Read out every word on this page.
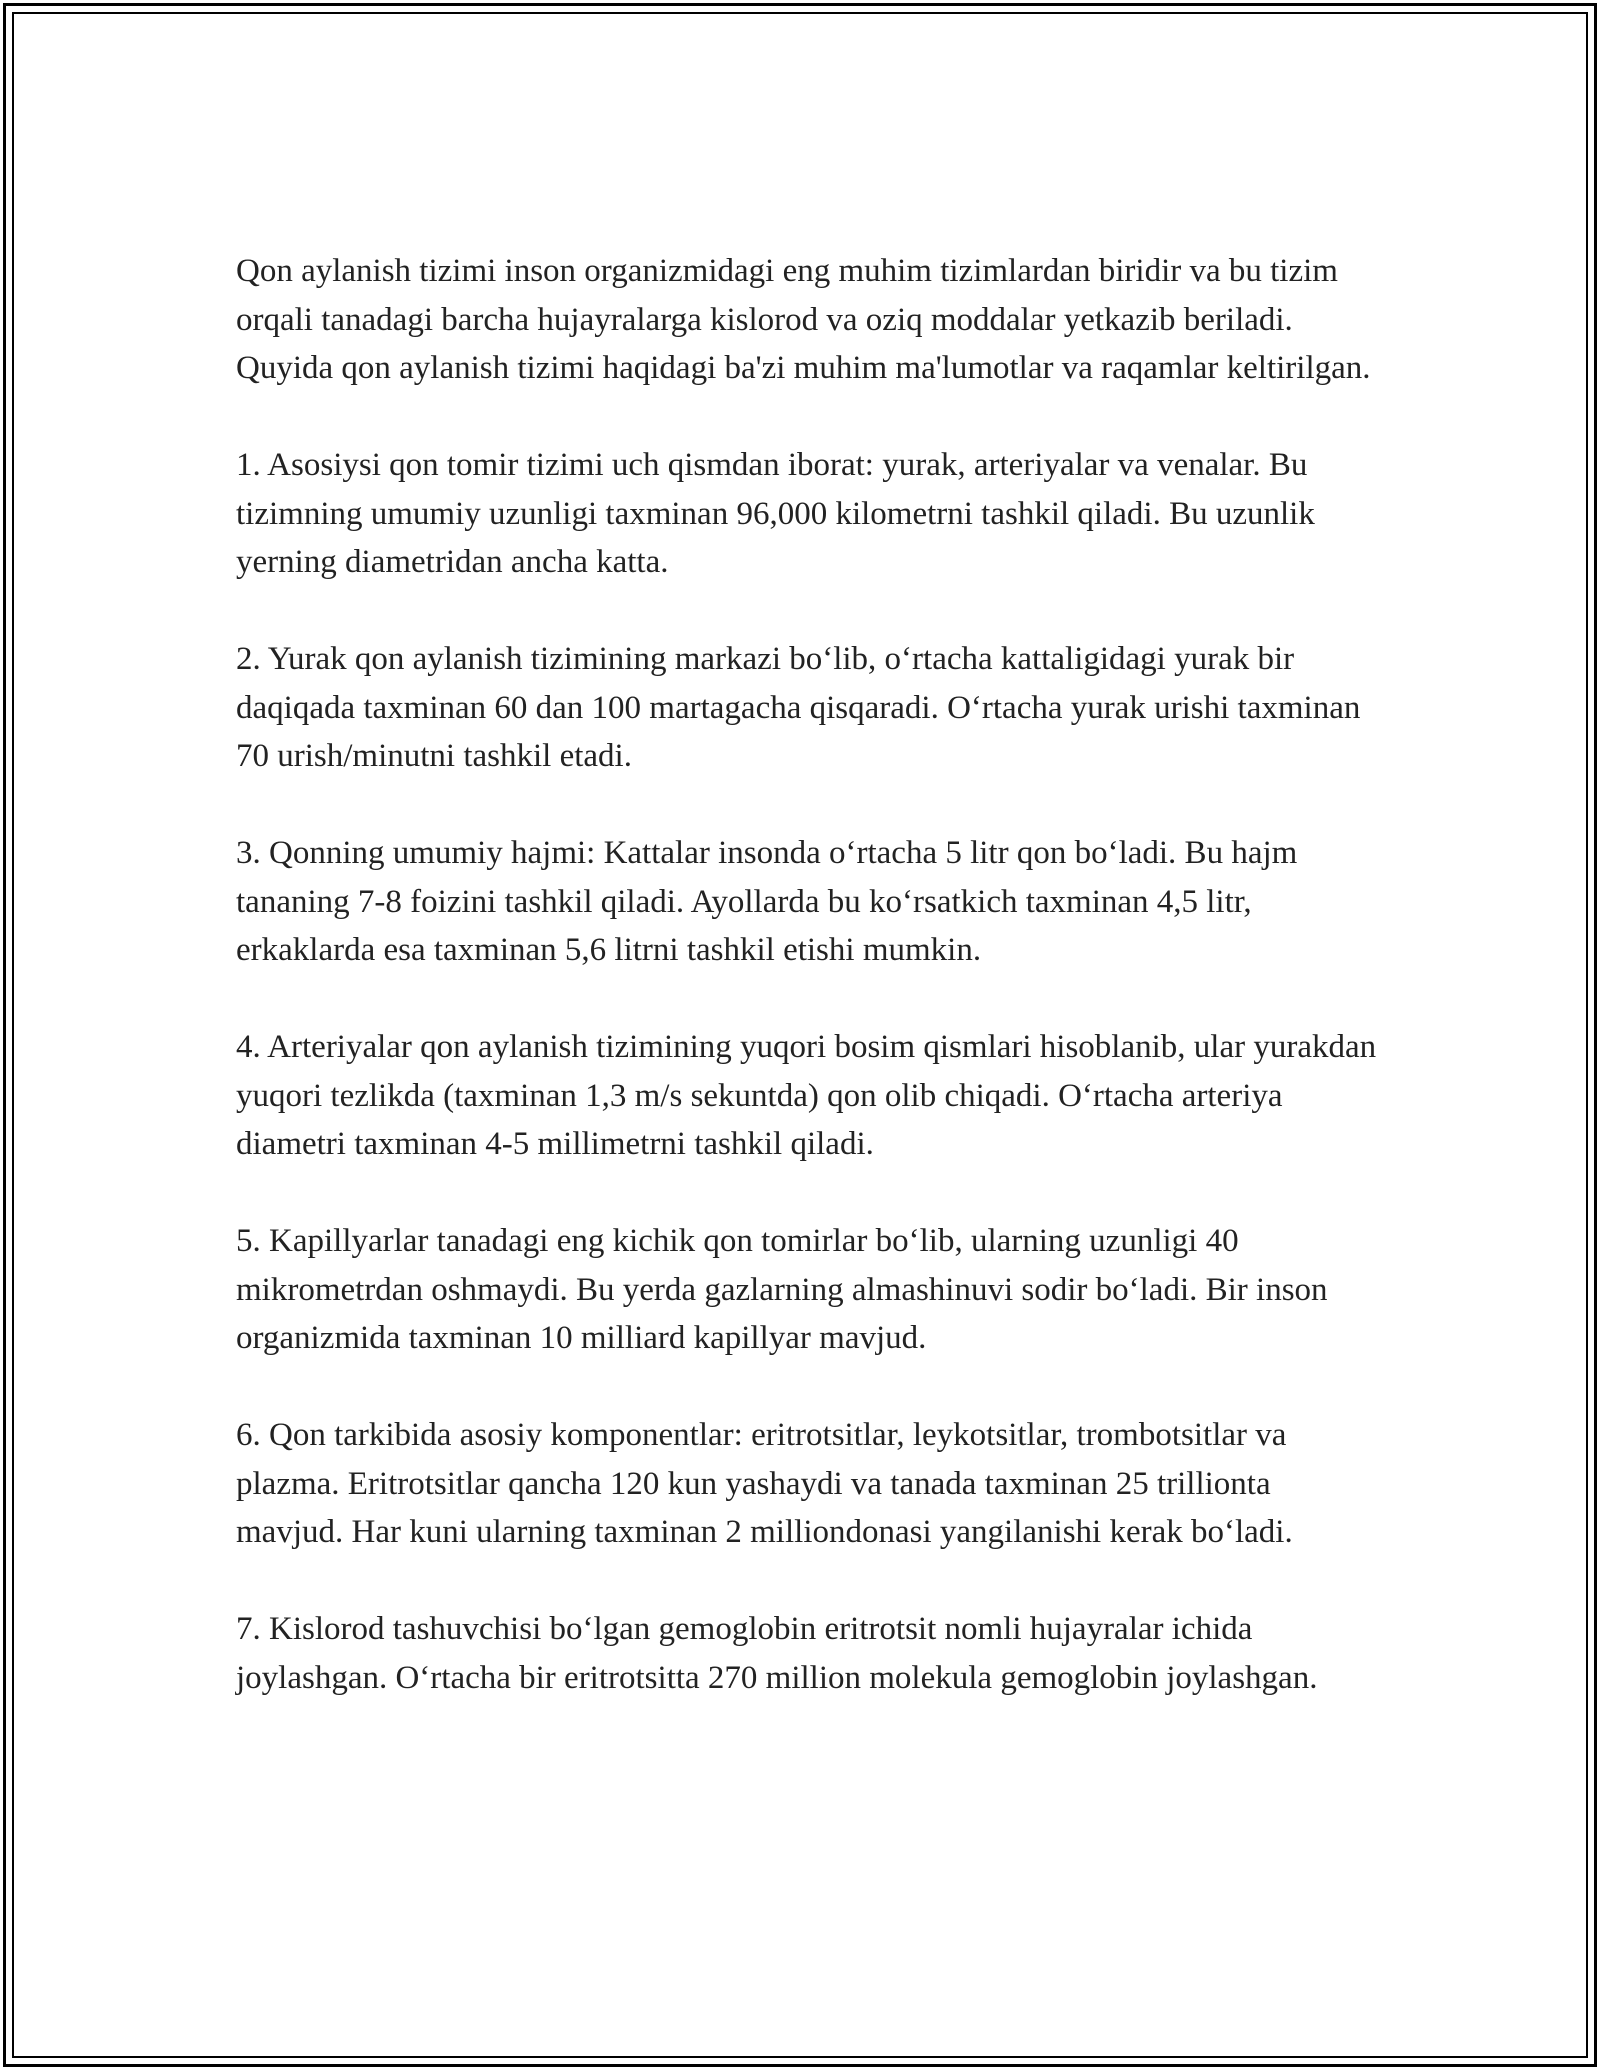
Qon aylanish tizimi inson organizmidagi eng muhim tizimlardan biridir va bu tizim orqali tanadagi barcha hujayralarga kislorod va oziq moddalar yetkazib beriladi. Quyida qon aylanish tizimi haqidagi ba'zi muhim ma'lumotlar va raqamlar keltirilgan.

1. Asosiysi qon tomir tizimi uch qismdan iborat: yurak, arteriyalar va venalar. Bu tizimning umumiy uzunligi taxminan 96,000 kilometrni tashkil qiladi. Bu uzunlik yerning diametridan ancha katta.

2. Yurak qon aylanish tizimining markazi bo‘lib, o‘rtacha kattaligidagi yurak bir daqiqada taxminan 60 dan 100 martagacha qisqaradi. O‘rtacha yurak urishi taxminan 70 urish/minutni tashkil etadi.

3. Qonning umumiy hajmi: Kattalar insonda o‘rtacha 5 litr qon bo‘ladi. Bu hajm tananing 7-8 foizini tashkil qiladi. Ayollarda bu ko‘rsatkich taxminan 4,5 litr, erkaklarda esa taxminan 5,6 litrni tashkil etishi mumkin.

4. Arteriyalar qon aylanish tizimining yuqori bosim qismlari hisoblanib, ular yurakdan yuqori tezlikda (taxminan 1,3 m/s sekuntda) qon olib chiqadi. O‘rtacha arteriya diametri taxminan 4-5 millimetrni tashkil qiladi.

5. Kapillyarlar tanadagi eng kichik qon tomirlar bo‘lib, ularning uzunligi 40 mikrometrdan oshmaydi. Bu yerda gazlarning almashinuvi sodir bo‘ladi. Bir inson organizmida taxminan 10 milliard kapillyar mavjud.

6. Qon tarkibida asosiy komponentlar: eritrotsitlar, leykotsitlar, trombotsitlar va plazma. Eritrotsitlar qancha 120 kun yashaydi va tanada taxminan 25 trillionta mavjud. Har kuni ularning taxminan 2 milliondonasi yangilanishi kerak bo‘ladi.

7. Kislorod tashuvchisi bo‘lgan gemoglobin eritrotsit nomli hujayralar ichida joylashgan. O‘rtacha bir eritrotsitta 270 million molekula gemoglobin joylashgan.
